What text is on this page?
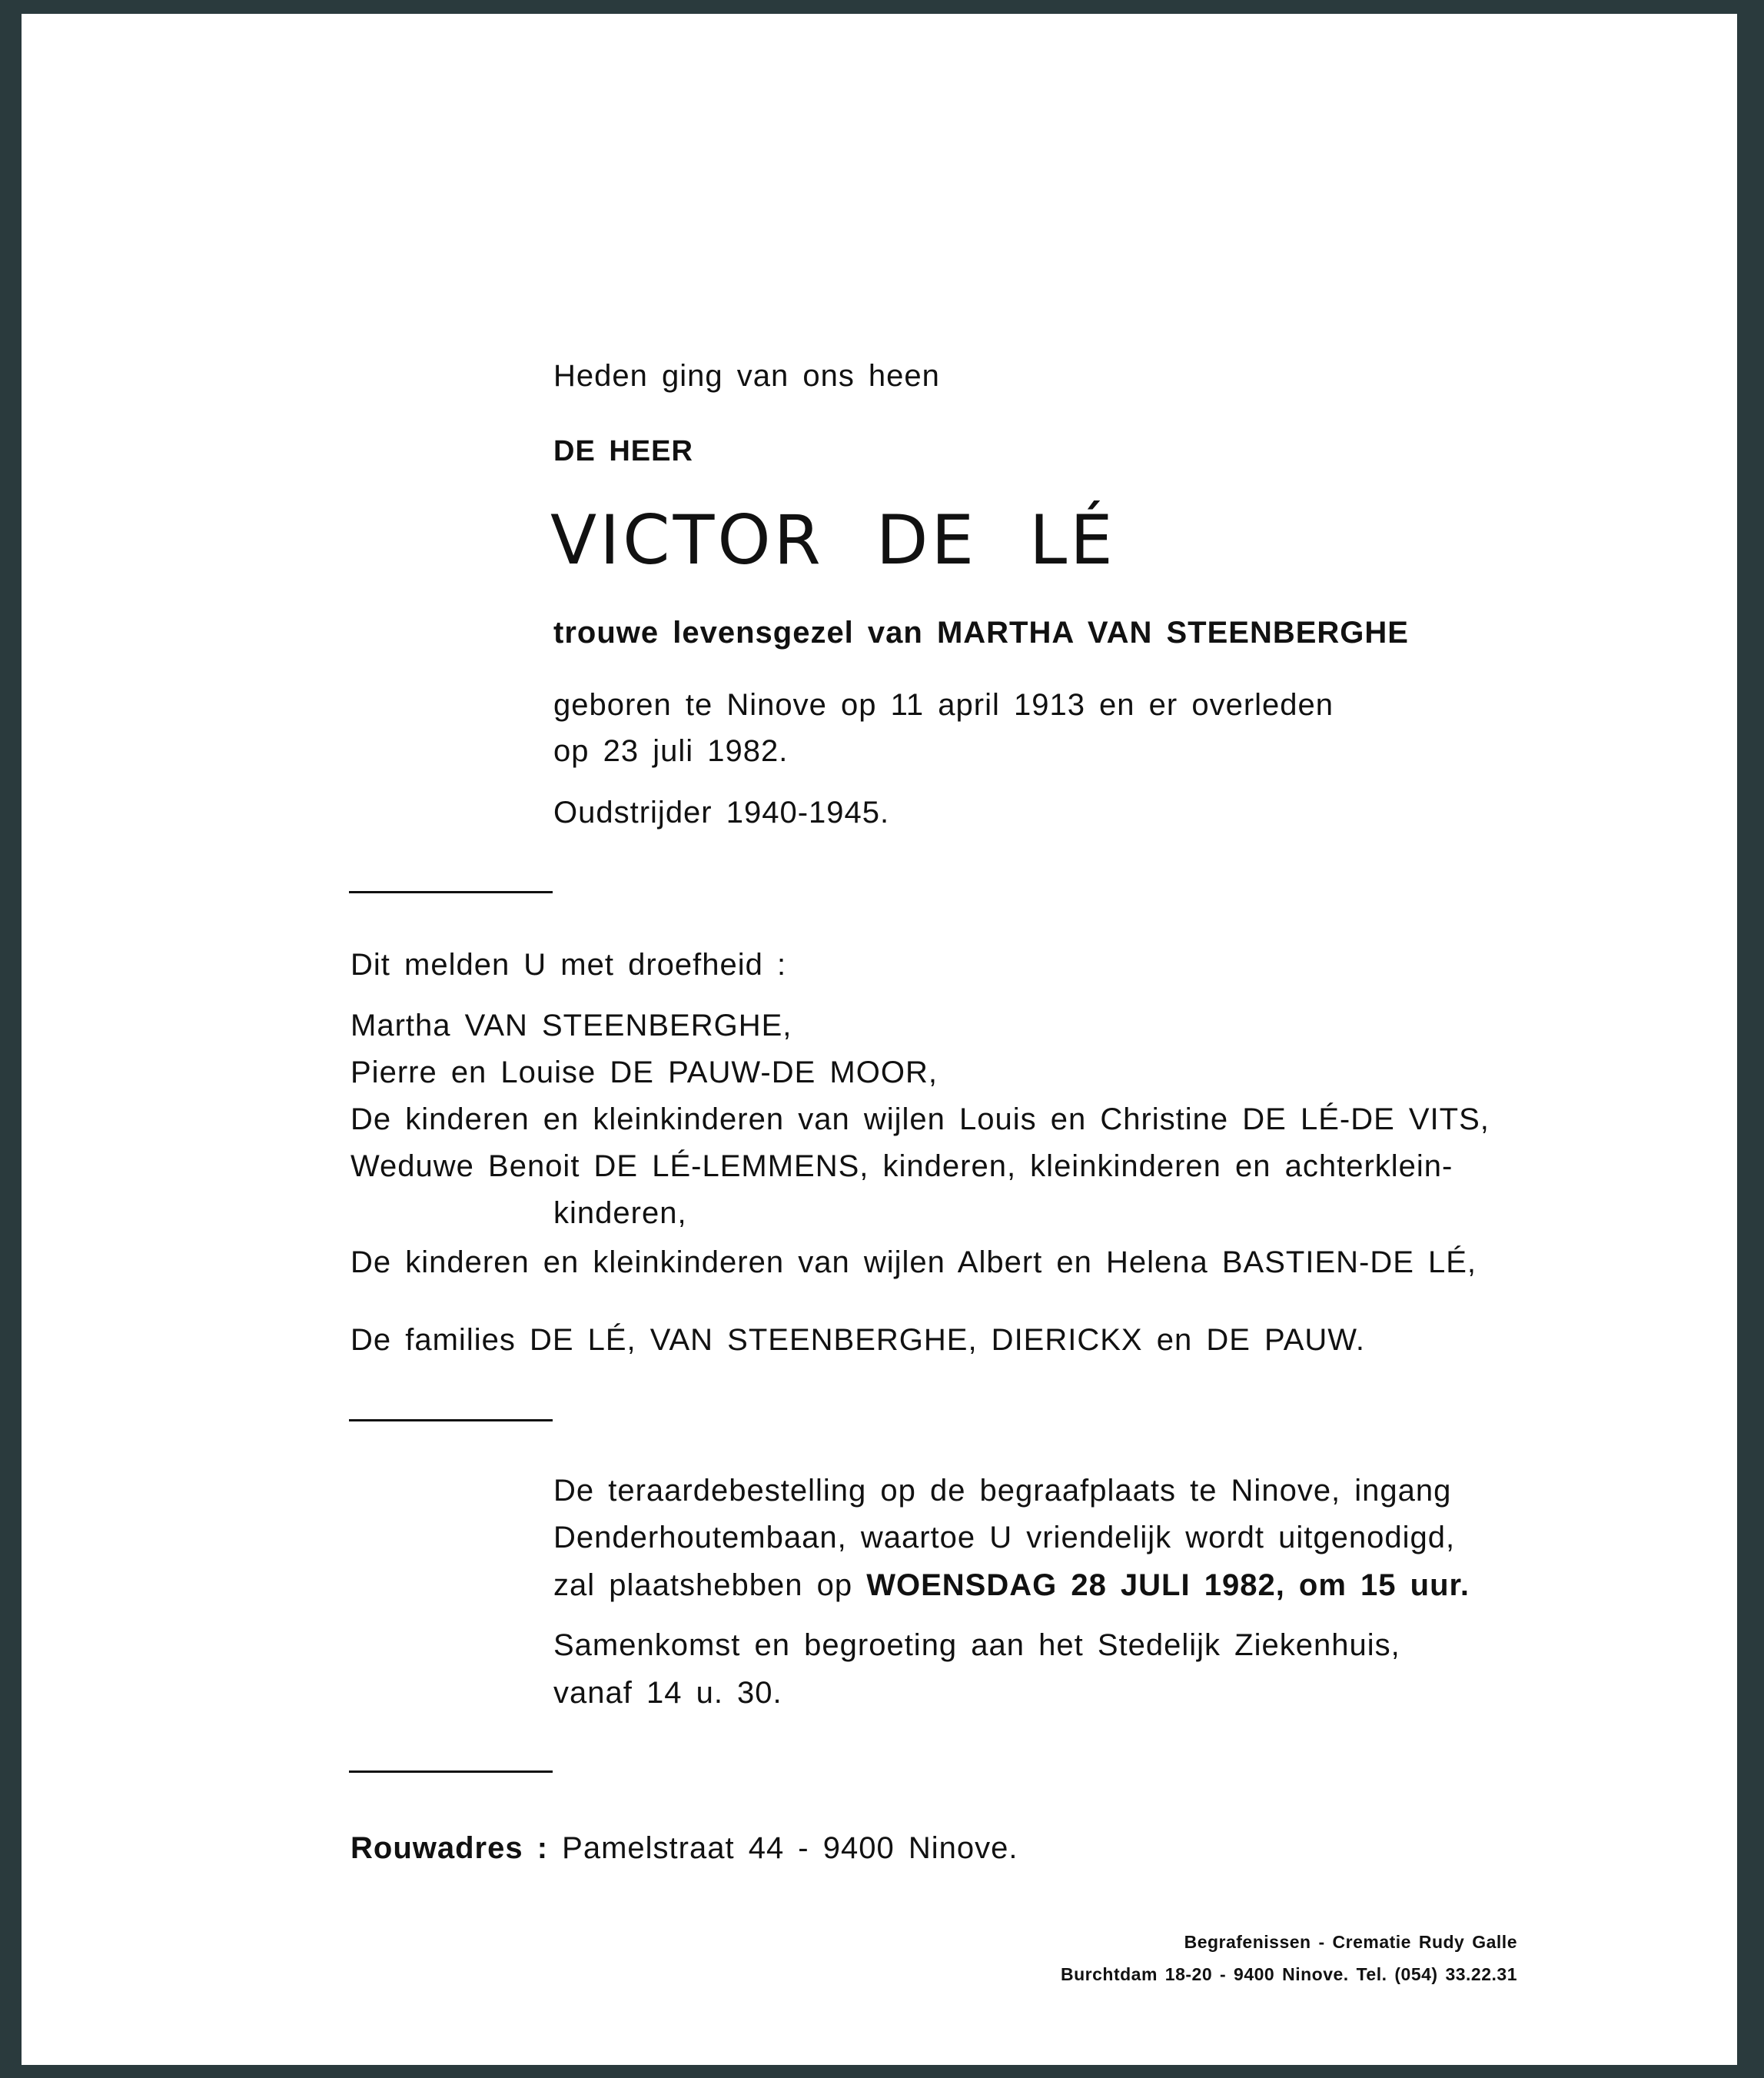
Heden ging van ons heen
DE HEER
VICTOR DE LÉ
trouwe levensgezel van MARTHA VAN STEENBERGHE
geboren te Ninove op 11 april 1913 en er overleden
op 23 juli 1982.
Oudstrijder 1940-1945.
Dit melden U met droefheid :
Martha VAN STEENBERGHE,
Pierre en Louise DE PAUW-DE MOOR,
De kinderen en kleinkinderen van wijlen Louis en Christine DE LÉ-DE VITS,
Weduwe Benoit DE LÉ-LEMMENS, kinderen, kleinkinderen en achterklein-
kinderen,
De kinderen en kleinkinderen van wijlen Albert en Helena BASTIEN-DE LÉ,
De families DE LÉ, VAN STEENBERGHE, DIERICKX en DE PAUW.
De teraardebestelling op de begraafplaats te Ninove, ingang
Denderhoutembaan, waartoe U vriendelijk wordt uitgenodigd,
zal plaatshebben op WOENSDAG 28 JULI 1982, om 15 uur.
Samenkomst en begroeting aan het Stedelijk Ziekenhuis,
vanaf 14 u. 30.
Rouwadres : Pamelstraat 44 - 9400 Ninove.
Begrafenissen - Crematie Rudy Galle
Burchtdam 18-20 - 9400 Ninove. Tel. (054) 33.22.31
